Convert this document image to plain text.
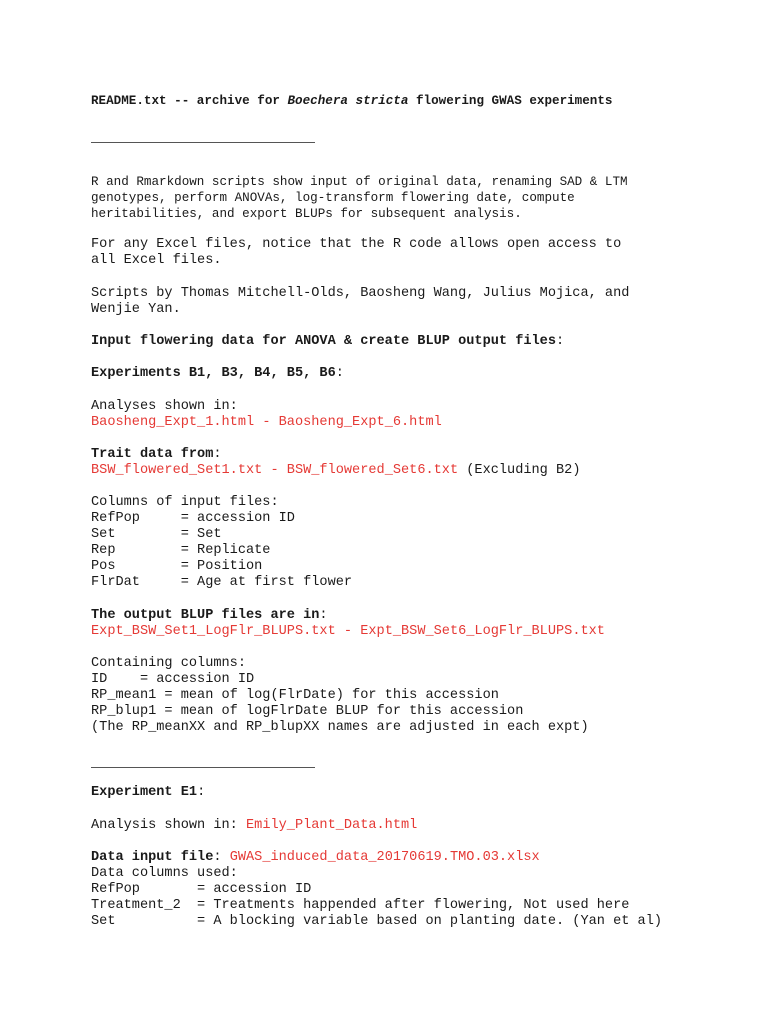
README.txt -- archive for Boechera stricta flowering GWAS experiments

R and Rmarkdown scripts show input of original data, renaming SAD & LTM

genotypes, perform ANOVAs, log-transform flowering date, compute

heritabilities, and export BLUPs for subsequent analysis.

For any Excel files, notice that the R code allows open access to

all Excel files.

Scripts by Thomas Mitchell-Olds, Baosheng Wang, Julius Mojica, and

Wenjie Yan.

Input flowering data for ANOVA & create BLUP output files:

Experiments B1, B3, B4, B5, B6:

Analyses shown in:

Baosheng_Expt_1.html - Baosheng_Expt_6.html

Trait data from:

BSW_flowered_Set1.txt - BSW_flowered_Set6.txt (Excluding B2)

Columns of input files:

RefPop     = accession ID

Set        = Set

Rep        = Replicate

Pos        = Position

FlrDat     = Age at first flower

The output BLUP files are in:

Expt_BSW_Set1_LogFlr_BLUPS.txt - Expt_BSW_Set6_LogFlr_BLUPS.txt

Containing columns:

ID    = accession ID

RP_mean1 = mean of log(FlrDate) for this accession

RP_blup1 = mean of logFlrDate BLUP for this accession

(The RP_meanXX and RP_blupXX names are adjusted in each expt)

Experiment E1:

Analysis shown in: Emily_Plant_Data.html

Data input file: GWAS_induced_data_20170619.TMO.03.xlsx

Data columns used:

RefPop       = accession ID

Treatment_2  = Treatments happended after flowering, Not used here

Set          = A blocking variable based on planting date. (Yan et al)
